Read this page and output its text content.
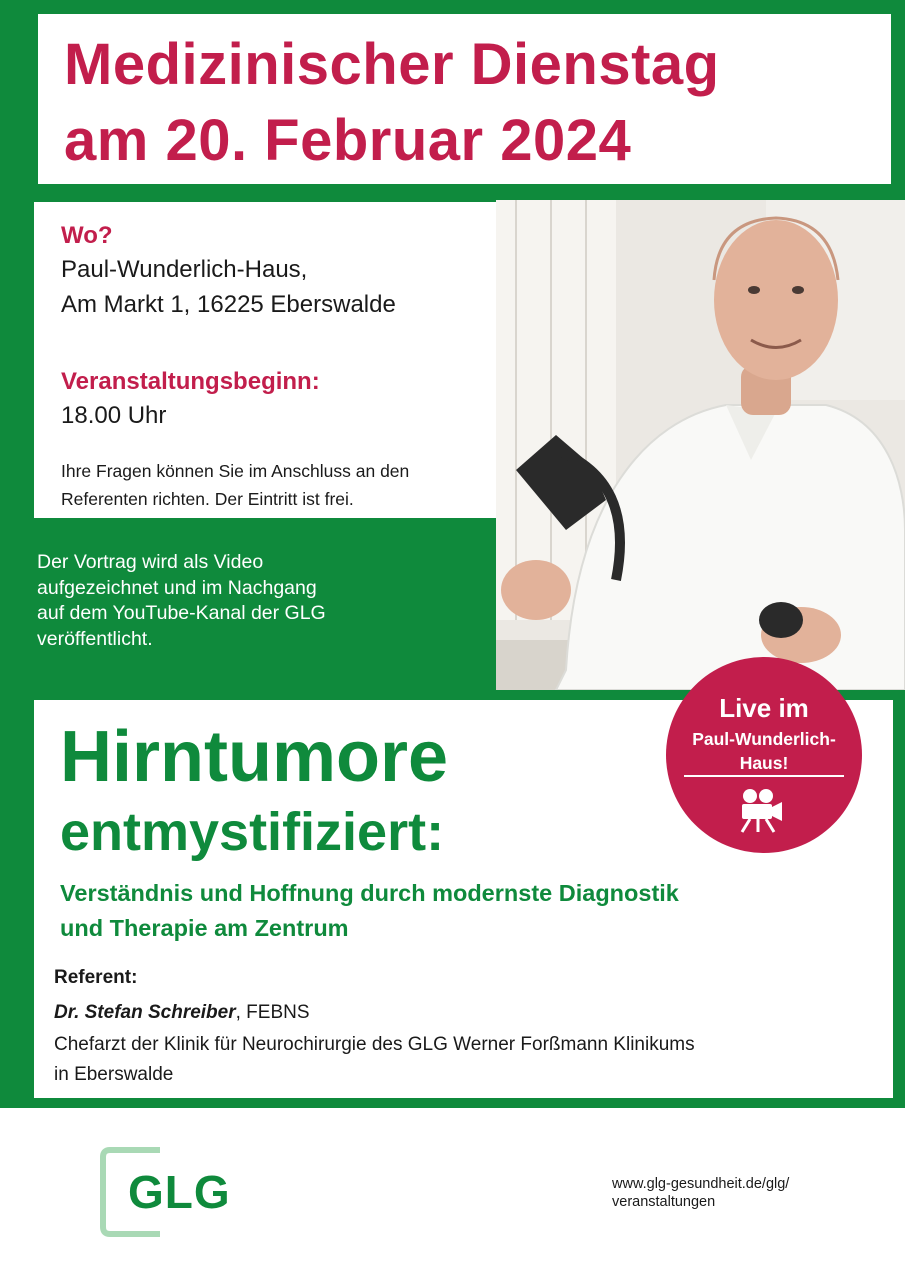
Medizinischer Dienstag
am 20. Februar 2024
Wo?
Paul-Wunderlich-Haus,
Am Markt 1, 16225 Eberswalde
Veranstaltungsbeginn:
18.00 Uhr
Ihre Fragen können Sie im Anschluss an den
Referenten richten. Der Eintritt ist frei.
Der Vortrag wird als Video
aufgezeichnet und im Nachgang
auf dem YouTube-Kanal der GLG
veröffentlicht.
Hirntumore
entmystifiziert:
Verständnis und Hoffnung durch modernste Diagnostik
und Therapie am Zentrum
Referent:
Dr. Stefan Schreiber, FEBNS
Chefarzt der Klinik für Neurochirurgie des GLG Werner Forßmann Klinikums
in Eberswalde
Live im
Paul-Wunderlich-
Haus!
GLG	www.glg-gesundheit.de/glg/
veranstaltungen
